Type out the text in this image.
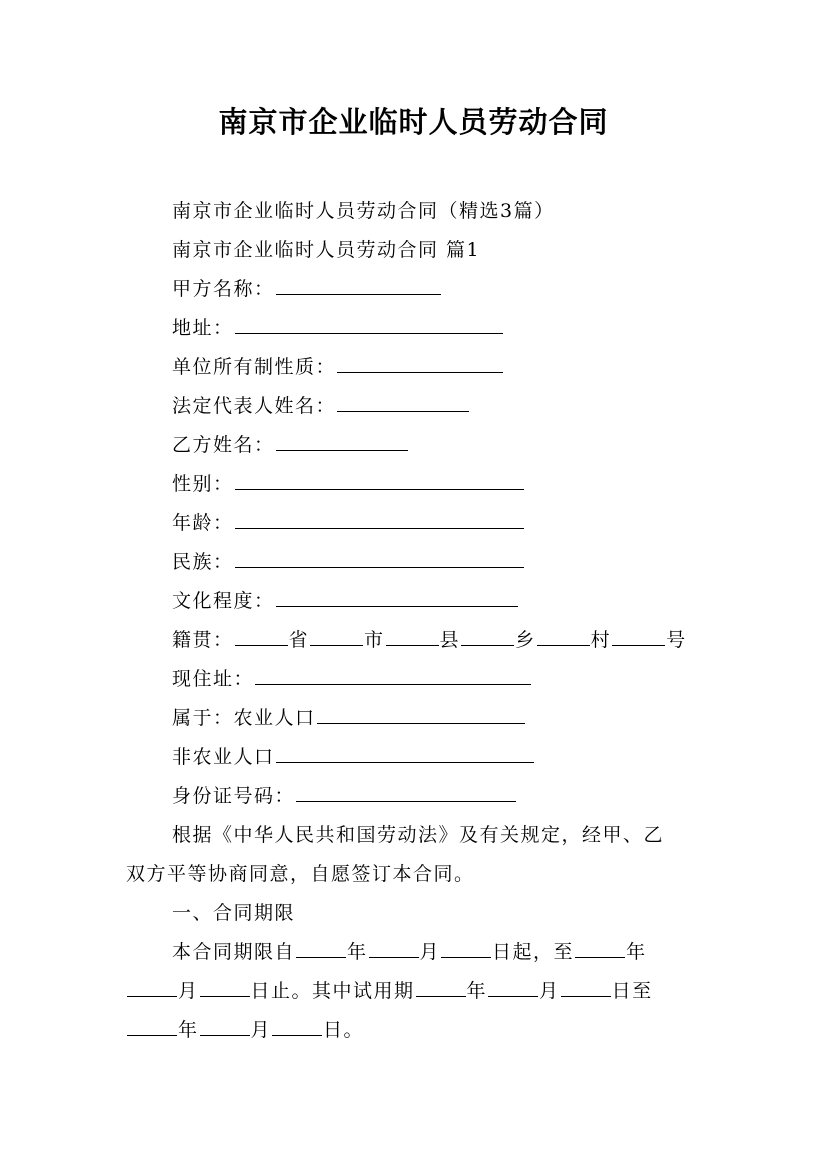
南京市企业临时人员劳动合同
南京市企业临时人员劳动合同（精选3篇）
南京市企业临时人员劳动合同 篇1
甲方名称：
地址：
单位所有制性质：
法定代表人姓名：
乙方姓名：
性别：
年龄：
民族：
文化程度：
籍贯：	省	市	县	乡	村	号
现住址：
属于：农业人口
非农业人口
身份证号码：
根据《中华人民共和国劳动法》及有关规定，经甲、乙
双方平等协商同意，自愿签订本合同。
一、合同期限
本合同期限自	年	月	日起，至	年
月	日止。其中试用期	年	月	日至
年	月	日。
